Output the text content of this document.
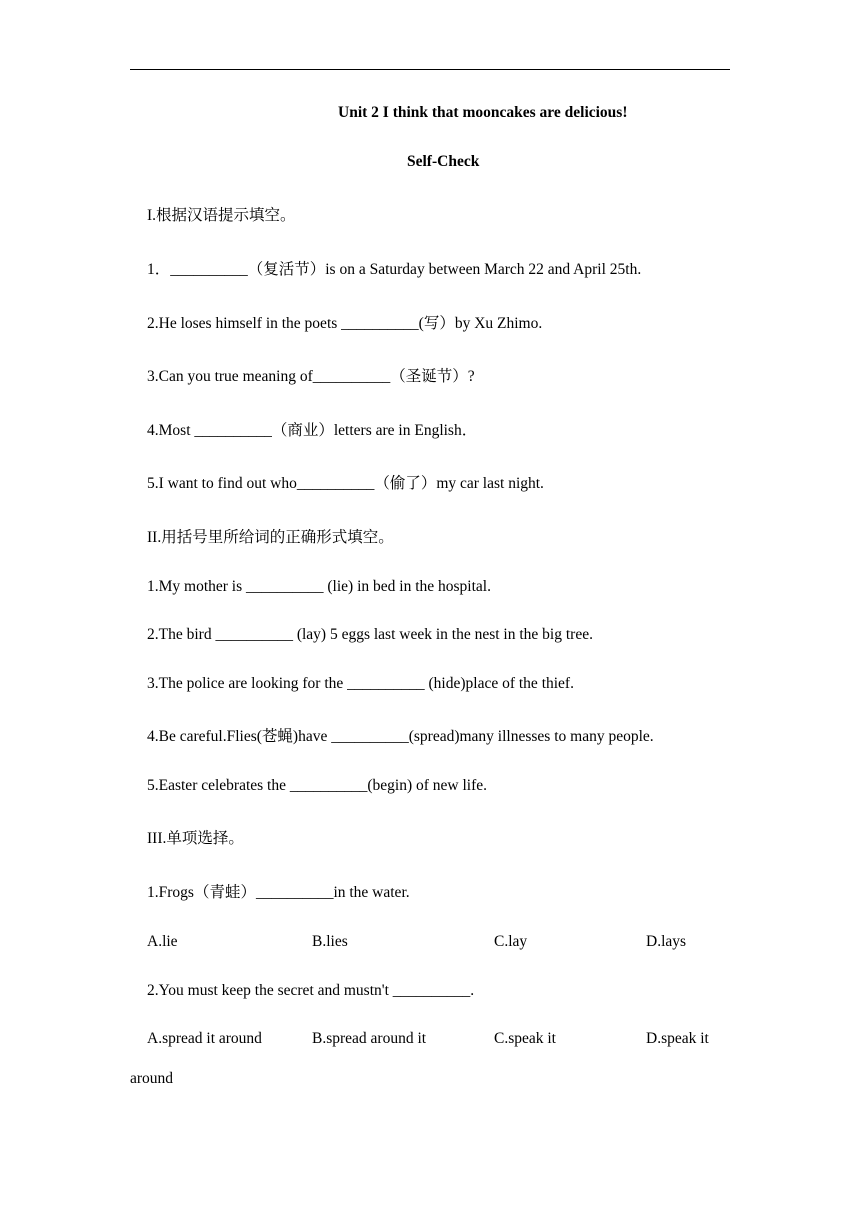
Unit 2 I think that mooncakes are delicious!
Self-Check
I.根据汉语提示填空。
1．__________（复活节）is on a Saturday between March 22 and April 25th.
2.He loses himself in the poets __________(写）by Xu Zhimo.
3.Can you true meaning of__________（圣诞节）?
4.Most __________（商业）letters are in English．
5.I want to find out who__________（偷了）my car last night.
II.用括号里所给词的正确形式填空。
1.My mother is __________ (lie) in bed in the hospital.
2.The bird __________ (lay) 5 eggs last week in the nest in the big tree.
3.The police are looking for the __________ (hide)place of the thief.
4.Be careful.Flies(苍蝇)have __________(spread)many illnesses to many people.
5.Easter celebrates the __________(begin) of new life.
III.单项选择。
1.Frogs（青蛙）__________in the water.
A.lie	B.lies	C.lay	D.lays
2.You must keep the secret and mustn't __________.
A.spread it around	B.spread around it	C.speak it	D.speak it
around
